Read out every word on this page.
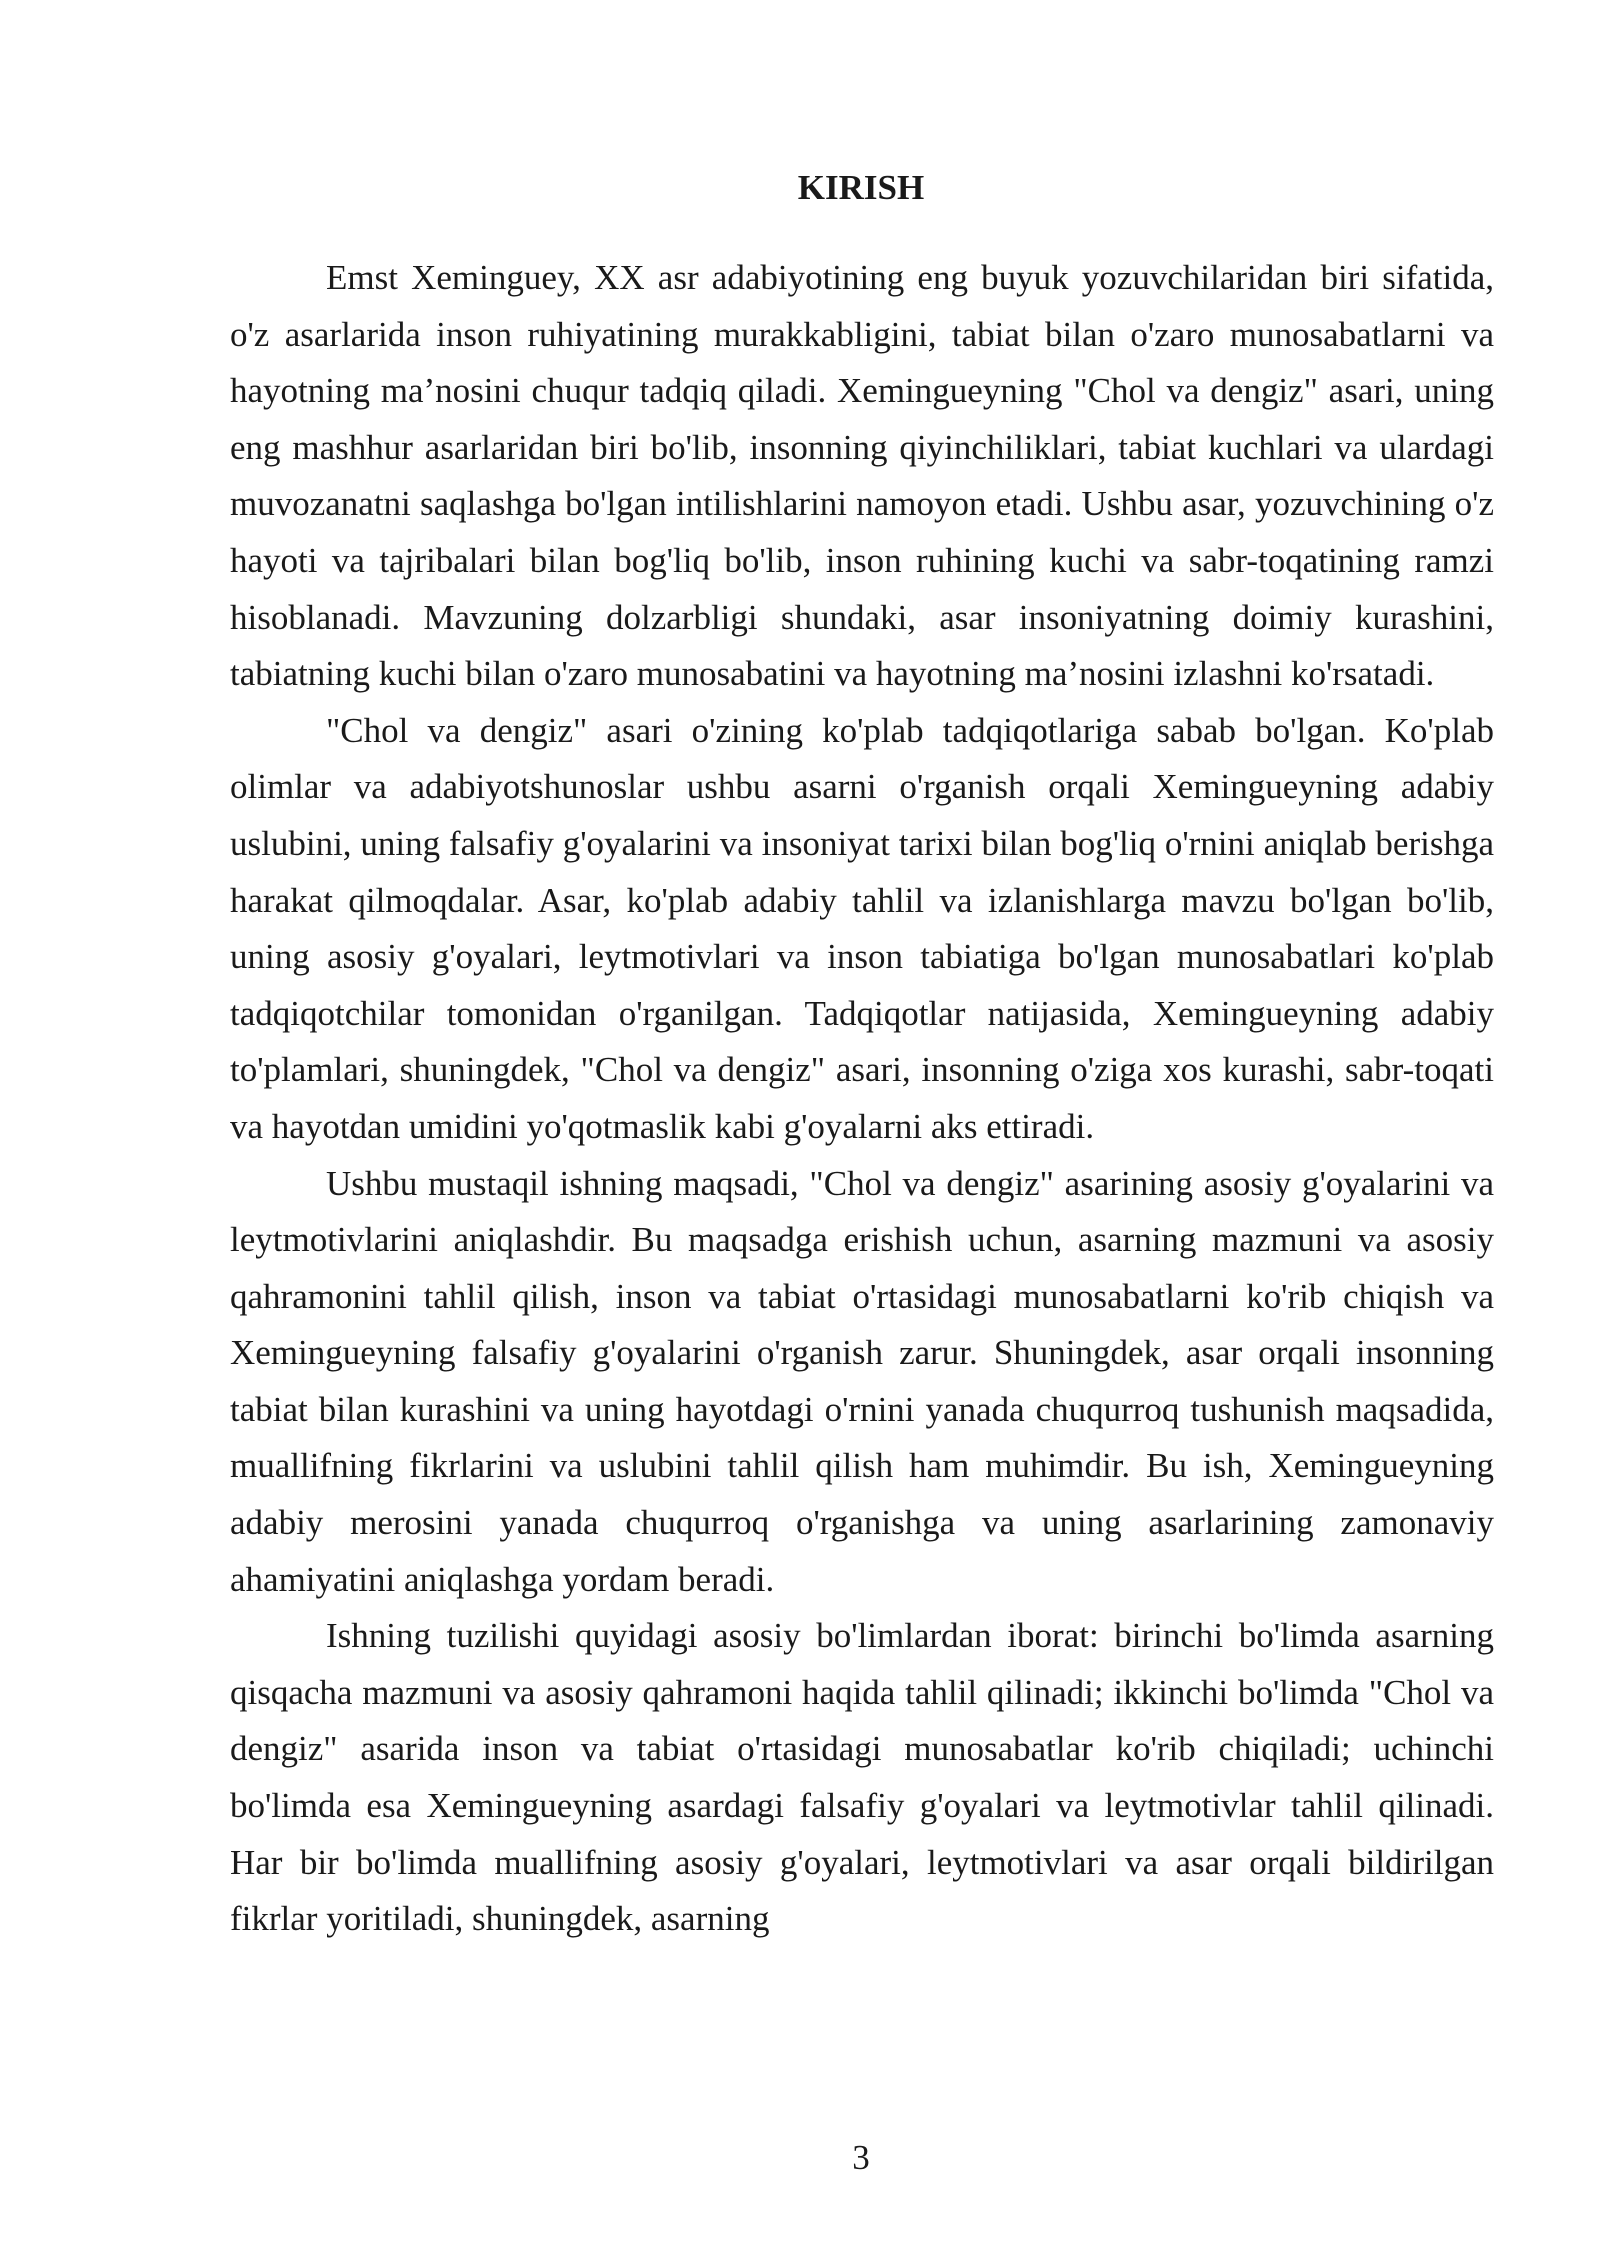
KIRISH

Emst Xeminguey, XX asr adabiyotining eng buyuk yozuvchilaridan biri sifatida, o'z asarlarida inson ruhiyatining murakkabligini, tabiat bilan o'zaro munosabatlarni va hayotning ma’nosini chuqur tadqiq qiladi. Xemingueyning "Chol va dengiz" asari, uning eng mashhur asarlaridan biri bo'lib, insonning qiyinchiliklari, tabiat kuchlari va ulardagi muvozanatni saqlashga bo'lgan intilishlarini namoyon etadi. Ushbu asar, yozuvchining o'z hayoti va tajribalari bilan bog'liq bo'lib, inson ruhining kuchi va sabr-toqatining ramzi hisoblanadi. Mavzuning dolzarbligi shundaki, asar insoniyatning doimiy kurashini, tabiatning kuchi bilan o'zaro munosabatini va hayotning ma’nosini izlashni ko'rsatadi.

"Chol va dengiz" asari o'zining ko'plab tadqiqotlariga sabab bo'lgan. Ko'plab olimlar va adabiyotshunoslar ushbu asarni o'rganish orqali Xemingueyning adabiy uslubini, uning falsafiy g'oyalarini va insoniyat tarixi bilan bog'liq o'rnini aniqlab berishga harakat qilmoqdalar. Asar, ko'plab adabiy tahlil va izlanishlarga mavzu bo'lgan bo'lib, uning asosiy g'oyalari, leytmotivlari va inson tabiatiga bo'lgan munosabatlari ko'plab tadqiqotchilar tomonidan o'rganilgan. Tadqiqotlar natijasida, Xemingueyning adabiy to'plamlari, shuningdek, "Chol va dengiz" asari, insonning o'ziga xos kurashi, sabr-toqati va hayotdan umidini yo'qotmaslik kabi g'oyalarni aks ettiradi.

Ushbu mustaqil ishning maqsadi, "Chol va dengiz" asarining asosiy g'oyalarini va leytmotivlarini aniqlashdir. Bu maqsadga erishish uchun, asarning mazmuni va asosiy qahramonini tahlil qilish, inson va tabiat o'rtasidagi munosabatlarni ko'rib chiqish va Xemingueyning falsafiy g'oyalarini o'rganish zarur. Shuningdek, asar orqali insonning tabiat bilan kurashini va uning hayotdagi o'rnini yanada chuqurroq tushunish maqsadida, muallifning fikrlarini va uslubini tahlil qilish ham muhimdir. Bu ish, Xemingueyning adabiy merosini yanada chuqurroq o'rganishga va uning asarlarining zamonaviy ahamiyatini aniqlashga yordam beradi.

Ishning tuzilishi quyidagi asosiy bo'limlardan iborat: birinchi bo'limda asarning qisqacha mazmuni va asosiy qahramoni haqida tahlil qilinadi; ikkinchi bo'limda "Chol va dengiz" asarida inson va tabiat o'rtasidagi munosabatlar ko'rib chiqiladi; uchinchi bo'limda esa Xemingueyning asardagi falsafiy g'oyalari va leytmotivlar tahlil qilinadi. Har bir bo'limda muallifning asosiy g'oyalari, leytmotivlari va asar orqali bildirilgan fikrlar yoritiladi, shuningdek, asarning

3
